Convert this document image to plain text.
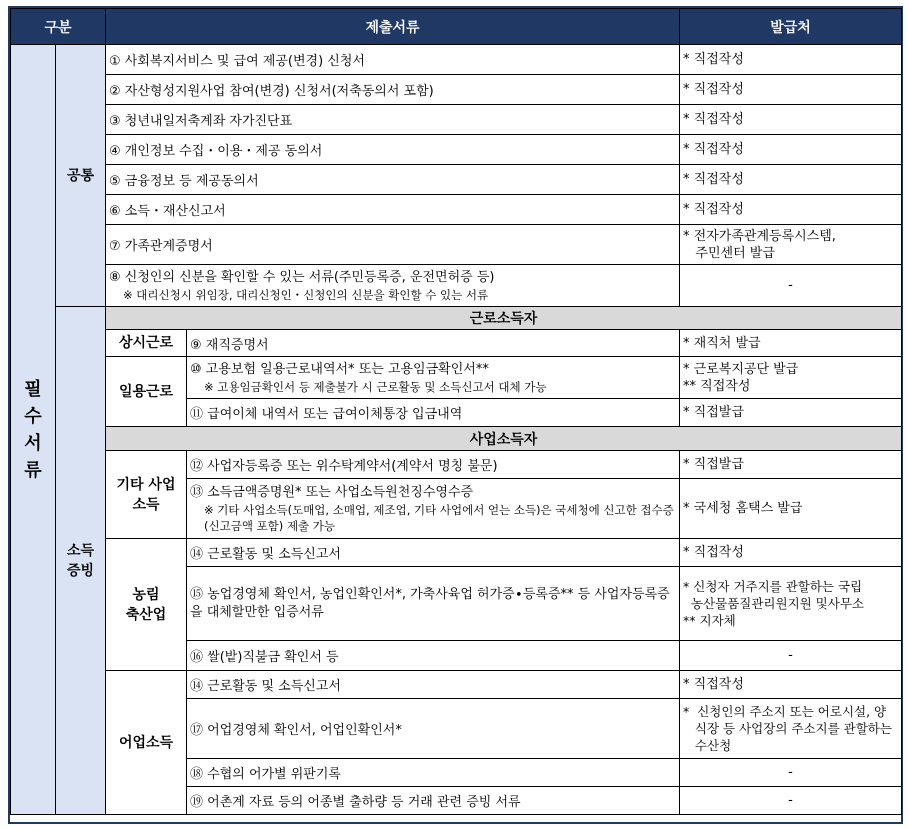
구분		제출서류		발급처

필
수
서
류	공통	① 사회복지서비스 및 급여 제공(변경) 신청서		* 직접작성
		② 자산형성지원사업 참여(변경) 신청서(저축동의서 포함)		* 직접작성
		③ 청년내일저축계좌 자가진단표		* 직접작성
		④ 개인정보 수집・이용・제공 동의서		* 직접작성
		⑤ 금융정보 등 제공동의서		* 직접작성
		⑥ 소득・재산신고서		* 직접작성
		⑦ 가족관계증명서		* 전자가족관계등록시스템,
주민센터 발급

		⑧ 신청인의 신분을 확인할 수 있는 서류(주민등록증, 운전면허증 등)
※ 대리신청시 위임장, 대리신청인・신청인의 신분을 확인할 수 있는 서류		-
	소득
증빙	근로소득자		
		상시근로	⑨ 재직증명서	* 재직처 발급
		일용근로	⑩ 고용보험 일용근로내역서* 또는 고용임금확인서**
※ 고용임금확인서 등 제출불가 시 근로활동 및 소득신고서 대체 가능	* 근로복지공단 발급
** 직접작성
			⑪ 급여이체 내역서 또는 급여이체통장 입금내역	* 직접발급
		사업소득자		
		기타 사업
소득	⑫ 사업자등록증 또는 위수탁계약서(계약서 명칭 불문)	* 직접발급

			⑬ 소득금액증명원* 또는 사업소득원천징수영수증
※ 기타 사업소득(도매업, 소매업, 제조업, 기타 사업에서 얻는 소득)은 국세청에 신고한 접수증(신고금액 포함) 제출 가능	* 국세청 홈택스 발급
		농림
축산업	⑭ 근로활동 및 소득신고서	* 직접작성
			⑮ 농업경영체 확인서, 농업인확인서*, 가축사육업 허가증∙등록증** 등 사업자등록증을 대체할만한 입증서류	* 신청자 거주지를 관할하는 국립
농산물품질관리원지원 및사무소
** 지자체
			⑯ 쌀(밭)직불금 확인서 등	-
		어업소득	⑭ 근로활동 및 소득신고서	* 직접작성
			⑰ 어업경영체 확인서, 어업인확인서*	*  신청인의 주소지 또는 어로시설, 양
식장 등 사업장의 주소지를 관할하는
수산청
			⑱ 수협의 어가별 위판기록	-
			⑲ 어촌계 자료 등의 어종별 출하량 등 거래 관련 증빙 서류	-
